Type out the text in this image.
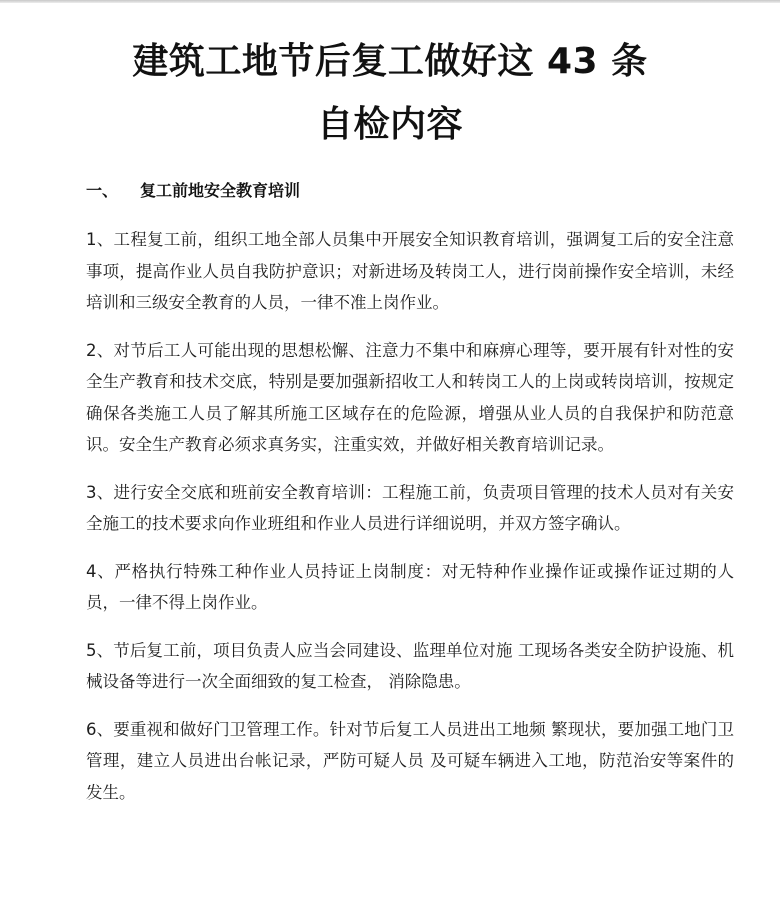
建筑工地节后复工做好这 43 条
自检内容
一、 复工前地安全教育培训

1、工程复工前，组织工地全部人员集中开展安全知识教育培训，强调复工后的安全注意事项，提高作业人员自我防护意识；对新进场及转岗工人，进行岗前操作安全培训，未经培训和三级安全教育的人员，一律不准上岗作业。

2、对节后工人可能出现的思想松懈、注意力不集中和麻痹心理等，要开展有针对性的安全生产教育和技术交底，特别是要加强新招收工人和转岗工人的上岗或转岗培训，按规定确保各类施工人员了解其所施工区域存在的危险源，增强从业人员的自我保护和防范意识。安全生产教育必须求真务实，注重实效，并做好相关教育培训记录。

3、进行安全交底和班前安全教育培训：工程施工前，负责项目管理的技术人员对有关安全施工的技术要求向作业班组和作业人员进行详细说明，并双方签字确认。

4、严格执行特殊工种作业人员持证上岗制度：对无特种作业操作证或操作证过期的人员，一律不得上岗作业。

5、节后复工前，项目负责人应当会同建设、监理单位对施 工现场各类安全防护设施、机械设备等进行一次全面细致的复工检查， 消除隐患。

6、要重视和做好门卫管理工作。针对节后复工人员进出工地频 繁现状，要加强工地门卫管理，建立人员进出台帐记录，严防可疑人员 及可疑车辆进入工地，防范治安等案件的发生。
